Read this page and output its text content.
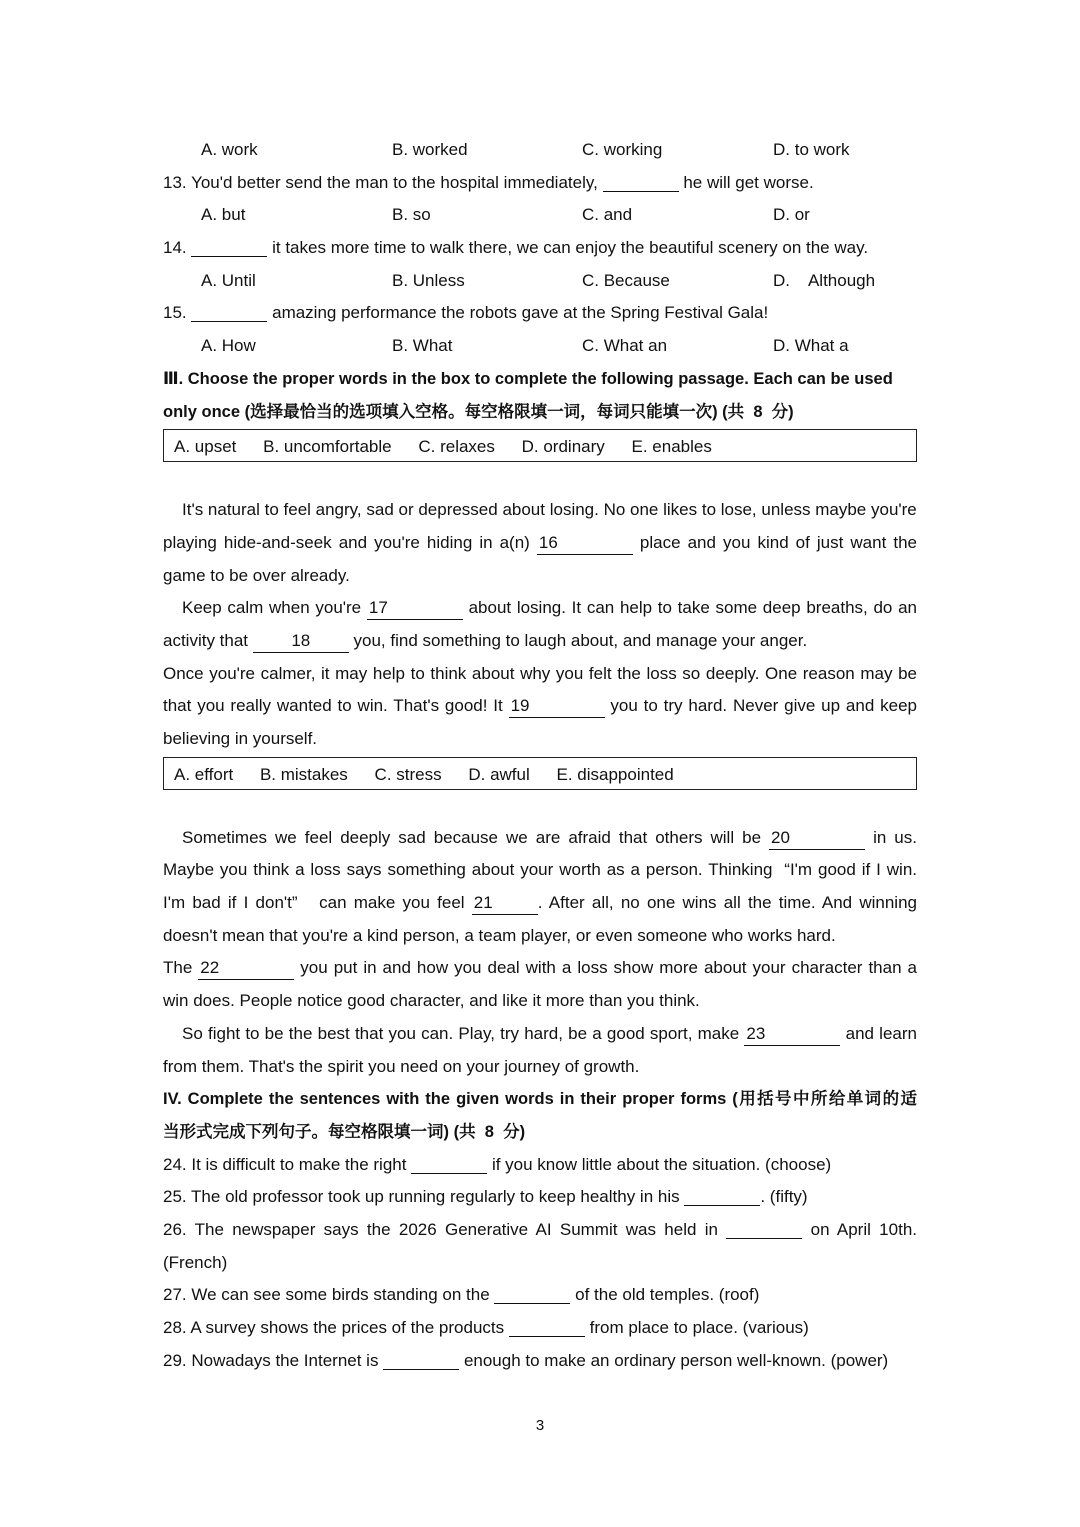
A. work	B. worked	C. working	D. to work
13. You'd better send the man to the hospital immediately,	he will get worse.
A. but	B. so	C. and	D. or
14.	it takes more time to walk there, we can enjoy the beautiful scenery on the way.
A. Until	B. Unless	C. Because	D.    Although
15.	amazing performance the robots gave at the Spring Festival Gala!
A. How	B. What	C. What an	D. What a
Ⅲ. Choose the proper words in the box to complete the following passage. Each can be used
only once (选择最恰当的选项填入空格。每空格限填一词，每词只能填一次) (共  8  分)
A. upset B. uncomfortable C. relaxes D. ordinary E. enables
It's natural to feel angry, sad or depressed about losing. No one likes to lose, unless maybe you're
playing hide-and-seek and you're hiding in a(n) 16	place and you kind of just want the
game to be over already.
Keep calm when you're 17	about losing. It can help to take some deep breaths, do an
activity that	18	you, find something to laugh about, and manage your anger.
Once you're calmer, it may help to think about why you felt the loss so deeply. One reason may be
that you really wanted to win. That's good! It 19	you to try hard. Never give up and keep
believing in yourself.
A. effort B. mistakes C. stress D. awful E. disappointed
Sometimes we feel deeply sad because we are afraid that others will be 20	in us.
Maybe you think a loss says something about your worth as a person. Thinking  “I'm good if I win.
I'm bad if I don't”   can make you feel 21	. After all, no one wins all the time. And winning
doesn't mean that you're a kind person, a team player, or even someone who works hard.
The 22	you put in and how you deal with a loss show more about your character than a
win does. People notice good character, and like it more than you think.
So fight to be the best that you can. Play, try hard, be a good sport, make 23	and learn
from them. That's the spirit you need on your journey of growth.
IV. Complete the sentences with the given words in their proper forms (用括号中所给单词的适
当形式完成下列句子。每空格限填一词) (共  8  分)
24. It is difficult to make the right	if you know little about the situation. (choose)
25. The old professor took up running regularly to keep healthy in his	. (fifty)
26. The newspaper says the 2026 Generative AI Summit was held in	on April 10th.
(French)
27. We can see some birds standing on the	of the old temples. (roof)
28. A survey shows the prices of the products	from place to place. (various)
29. Nowadays the Internet is	enough to make an ordinary person well-known. (power)
3
